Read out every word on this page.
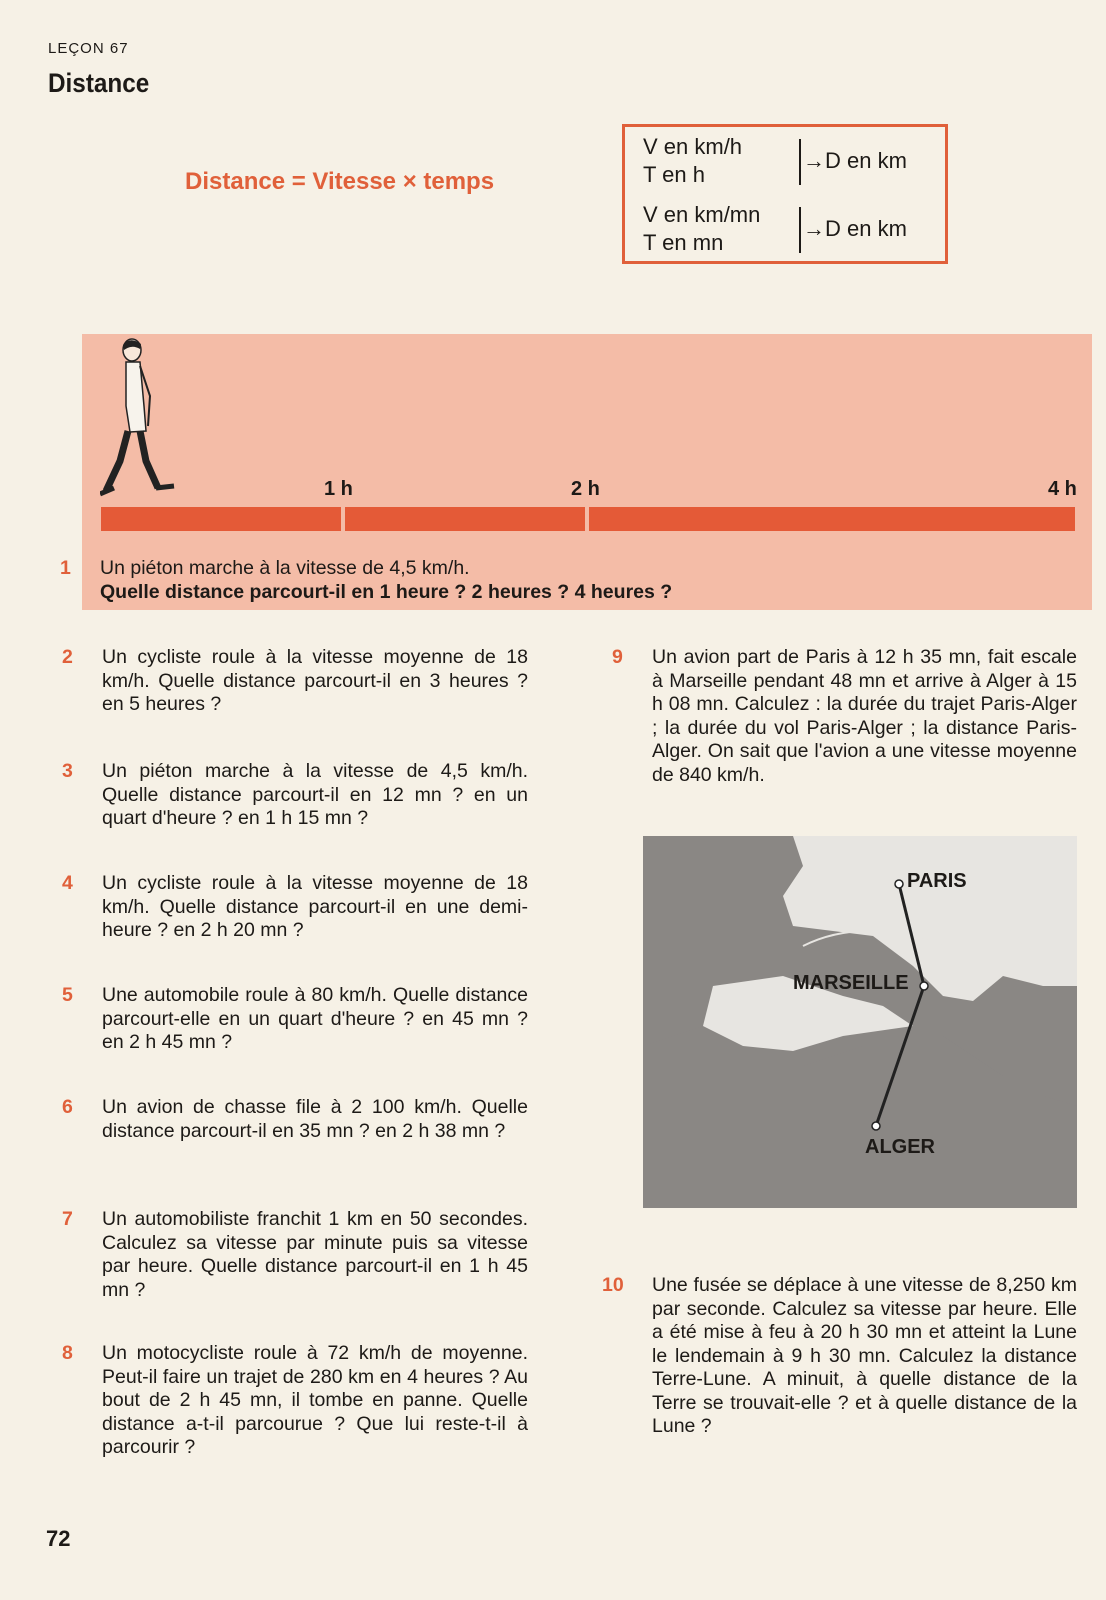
LEÇON 67
Distance
Distance = Vitesse × temps
V en km/h
T en h
→D en km
V en km/mn
T en mn
→D en km
1 h	2 h	4 h
1	Un piéton marche à la vitesse de 4,5 km/h.

Quelle distance parcourt-il en 1 heure ? 2 heures ? 4 heures ?

2	Un cycliste roule à la vitesse moyenne de 18 km/h. Quelle distance parcourt-il en 3 heures ? en 5 heures ?

3	Un piéton marche à la vitesse de 4,5 km/h. Quelle distance parcourt-il en 12 mn ? en un quart d'heure ? en 1 h 15 mn ?

4	Un cycliste roule à la vitesse moyenne de 18 km/h. Quelle distance parcourt-il en une demi-heure ? en 2 h 20 mn ?

5	Une automobile roule à 80 km/h. Quelle distance parcourt-elle en un quart d'heure ? en 45 mn ? en 2 h 45 mn ?

6	Un avion de chasse file à 2 100 km/h. Quelle distance parcourt-il en 35 mn ? en 2 h 38 mn ?

7	Un automobiliste franchit 1 km en 50 secondes. Calculez sa vitesse par minute puis sa vitesse par heure. Quelle distance parcourt-il en 1 h 45 mn ?

8	Un motocycliste roule à 72 km/h de moyenne. Peut-il faire un trajet de 280 km en 4 heures ? Au bout de 2 h 45 mn, il tombe en panne. Quelle distance a-t-il parcourue ? Que lui reste-t-il à parcourir ?

9	Un avion part de Paris à 12 h 35 mn, fait escale à Marseille pendant 48 mn et arrive à Alger à 15 h 08 mn. Calculez : la durée du trajet Paris-Alger ; la durée du vol Paris-Alger ; la distance Paris-Alger. On sait que l'avion a une vitesse moyenne de 840 km/h.

PARIS
MARSEILLE
ALGER
10	Une fusée se déplace à une vitesse de 8,250 km par seconde. Calculez sa vitesse par heure. Elle a été mise à feu à 20 h 30 mn et atteint la Lune le lendemain à 9 h 30 mn. Calculez la distance Terre-Lune. A minuit, à quelle distance de la Terre se trouvait-elle ? et à quelle distance de la Lune ?

72
